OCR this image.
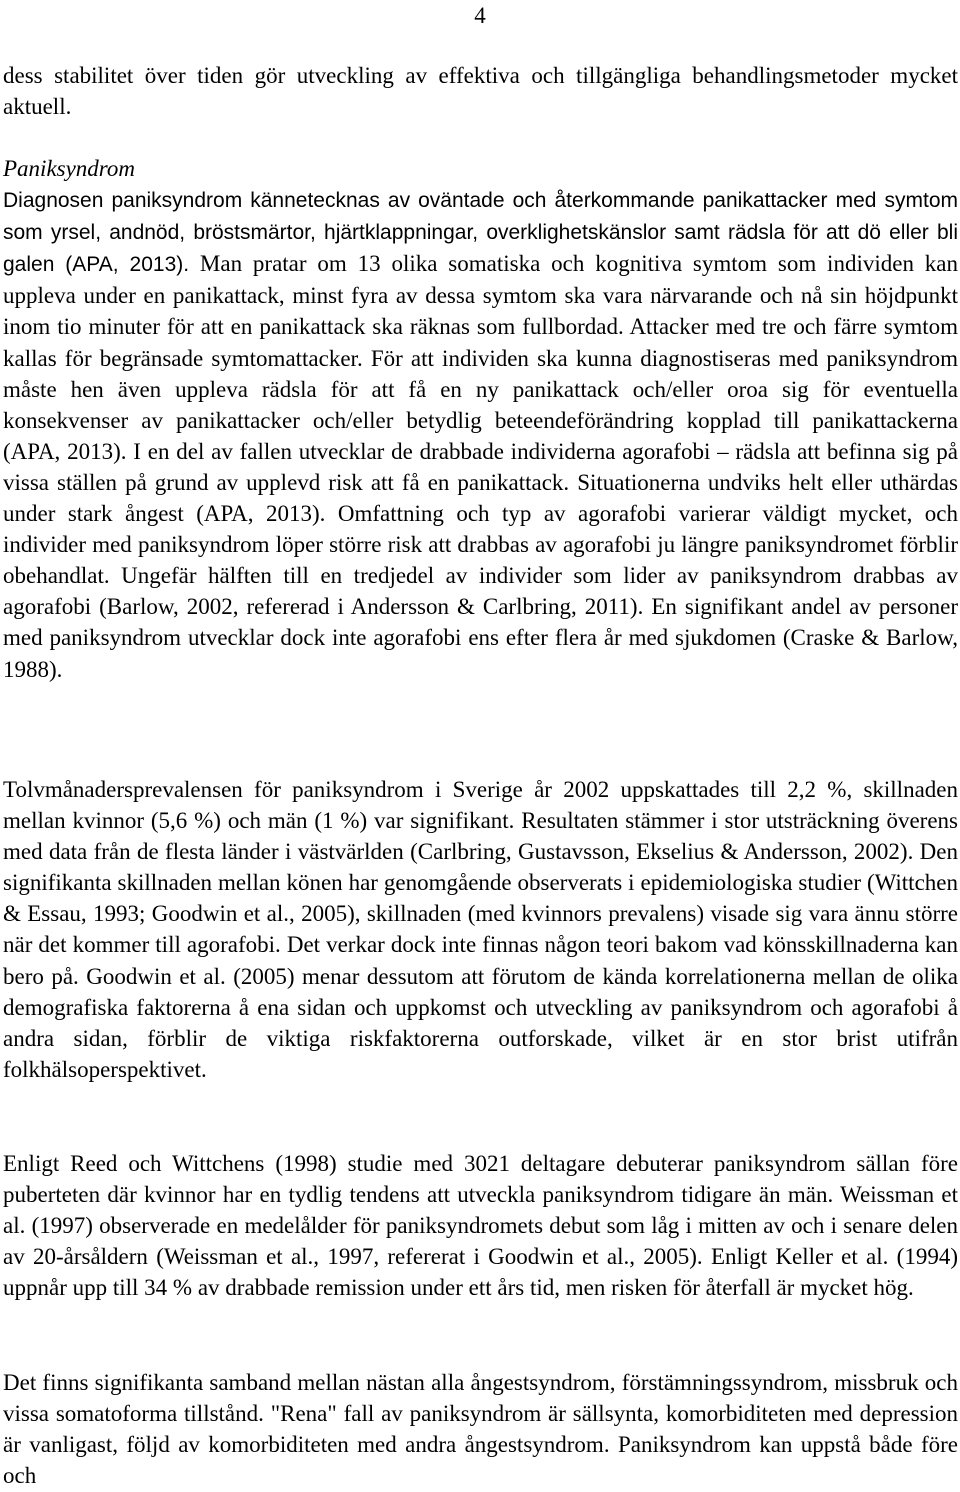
4

dess stabilitet över tiden gör utveckling av effektiva och tillgängliga behandlingsmetoder mycket aktuell.

Paniksyndrom
Diagnosen paniksyndrom kännetecknas av oväntade och återkommande panikattacker med symtom som yrsel, andnöd, bröstsmärtor, hjärtklappningar, overklighetskänslor samt rädsla för att dö eller bli galen (APA, 2013). Man pratar om 13 olika somatiska och kognitiva symtom som individen kan uppleva under en panikattack, minst fyra av dessa symtom ska vara närvarande och nå sin höjdpunkt inom tio minuter för att en panikattack ska räknas som fullbordad. Attacker med tre och färre symtom kallas för begränsade symtomattacker. För att individen ska kunna diagnostiseras med paniksyndrom måste hen även uppleva rädsla för att få en ny panikattack och/eller oroa sig för eventuella konsekvenser av panikattacker och/eller betydlig beteendeförändring kopplad till panikattackerna (APA, 2013). I en del av fallen utvecklar de drabbade individerna agorafobi – rädsla att befinna sig på vissa ställen på grund av upplevd risk att få en panikattack. Situationerna undviks helt eller uthärdas under stark ångest (APA, 2013). Omfattning och typ av agorafobi varierar väldigt mycket, och individer med paniksyndrom löper större risk att drabbas av agorafobi ju längre paniksyndromet förblir obehandlat. Ungefär hälften till en tredjedel av individer som lider av paniksyndrom drabbas av agorafobi (Barlow, 2002, refererad i Andersson & Carlbring, 2011). En signifikant andel av personer med paniksyndrom utvecklar dock inte agorafobi ens efter flera år med sjukdomen (Craske & Barlow, 1988).

Tolvmånadersprevalensen för paniksyndrom i Sverige år 2002 uppskattades till 2,2 %, skillnaden mellan kvinnor (5,6 %) och män (1 %) var signifikant. Resultaten stämmer i stor utsträckning överens med data från de flesta länder i västvärlden (Carlbring, Gustavsson, Ekselius & Andersson, 2002). Den signifikanta skillnaden mellan könen har genomgående observerats i epidemiologiska studier (Wittchen & Essau, 1993; Goodwin et al., 2005), skillnaden (med kvinnors prevalens) visade sig vara ännu större när det kommer till agorafobi. Det verkar dock inte finnas någon teori bakom vad könsskillnaderna kan bero på. Goodwin et al. (2005) menar dessutom att förutom de kända korrelationerna mellan de olika demografiska faktorerna å ena sidan och uppkomst och utveckling av paniksyndrom och agorafobi å andra sidan, förblir de viktiga riskfaktorerna outforskade, vilket är en stor brist utifrån folkhälsoperspektivet.

Enligt Reed och Wittchens (1998) studie med 3021 deltagare debuterar paniksyndrom sällan före puberteten där kvinnor har en tydlig tendens att utveckla paniksyndrom tidigare än män. Weissman et al. (1997) observerade en medelålder för paniksyndromets debut som låg i mitten av och i senare delen av 20-årsåldern (Weissman et al., 1997, refererat i Goodwin et al., 2005). Enligt Keller et al. (1994) uppnår upp till 34 % av drabbade remission under ett års tid, men risken för återfall är mycket hög.

Det finns signifikanta samband mellan nästan alla ångestsyndrom, förstämningssyndrom, missbruk och vissa somatoforma tillstånd. "Rena" fall av paniksyndrom är sällsynta, komorbiditeten med depression är vanligast, följd av komorbiditeten med andra ångestsyndrom. Paniksyndrom kan uppstå både före och
